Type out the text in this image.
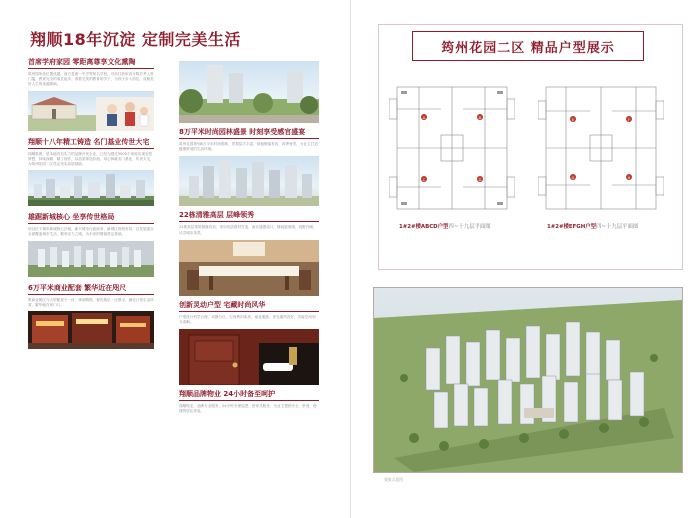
翔顺18年沉淀 定制完美生活
首席学府家园 零距离尊享文化熏陶
筑州园所处位置优越，前方是唐一中学等知名学校，可前往获取高分数后考入贵门槛，教育完全的成长起步。看看完美的教育的学子，为孩子步入前往，成就美好人生的优越基础。
翔顺十八年精工铸造 名门基业传世大宅
翔顺集团，是本地具有实力的品牌开发企业，已经为超过5000个家庭实现安居梦想，持续深耕、精工细作，以品质缔造价值，用心铸就名门基业，传世大宅，为筑州花园二区奠定坚实品质基础。
雄踞新城核心 坐享传世格局
项目位于城市新城核心区域，新兴城市行政商务，新城区规划布局，以发展重点全面覆盖城市生活，繁荣活力之城，为未来的增值奠定基础。
6万平米商业配套 繁华近在咫尺
集商业街区与大型配套于一体，休闲购物，餐饮娱乐一应俱全，满足日常生活所需，繁华就在家门口。
8万平米时尚园林盛景 时刻享受感官盛宴
筑州花园规划8万平米时尚园林，景观层次丰富，绿植错落有致，四季皆景，为业主打造健康舒适的生活环境。
22栋清雅高层 层峰领秀
22栋高层建筑错落有致，采用优质建材打造，南北通透设计，楼间距宽阔，视野开阔，尽享城市美景。
创新灵动户型 宅藏时尚风华
户型设计科学合理，动静分区，空间利用率高，南北通透，采光通风良好，功能空间划分清晰。
翔顺品牌物业 24小时备至呵护
翔顺物业，品牌专业服务，24小时安保巡逻，管家式服务，为业主提供安全、舒适、便捷的居住体验。
筠州花园二区 精品户型展示
A	B
C	D
1#2#楼ABCD户型四~十九层平面图
E	F
G	H
1#2#楼EFGH户型四~十九层平面图
效果示意图
